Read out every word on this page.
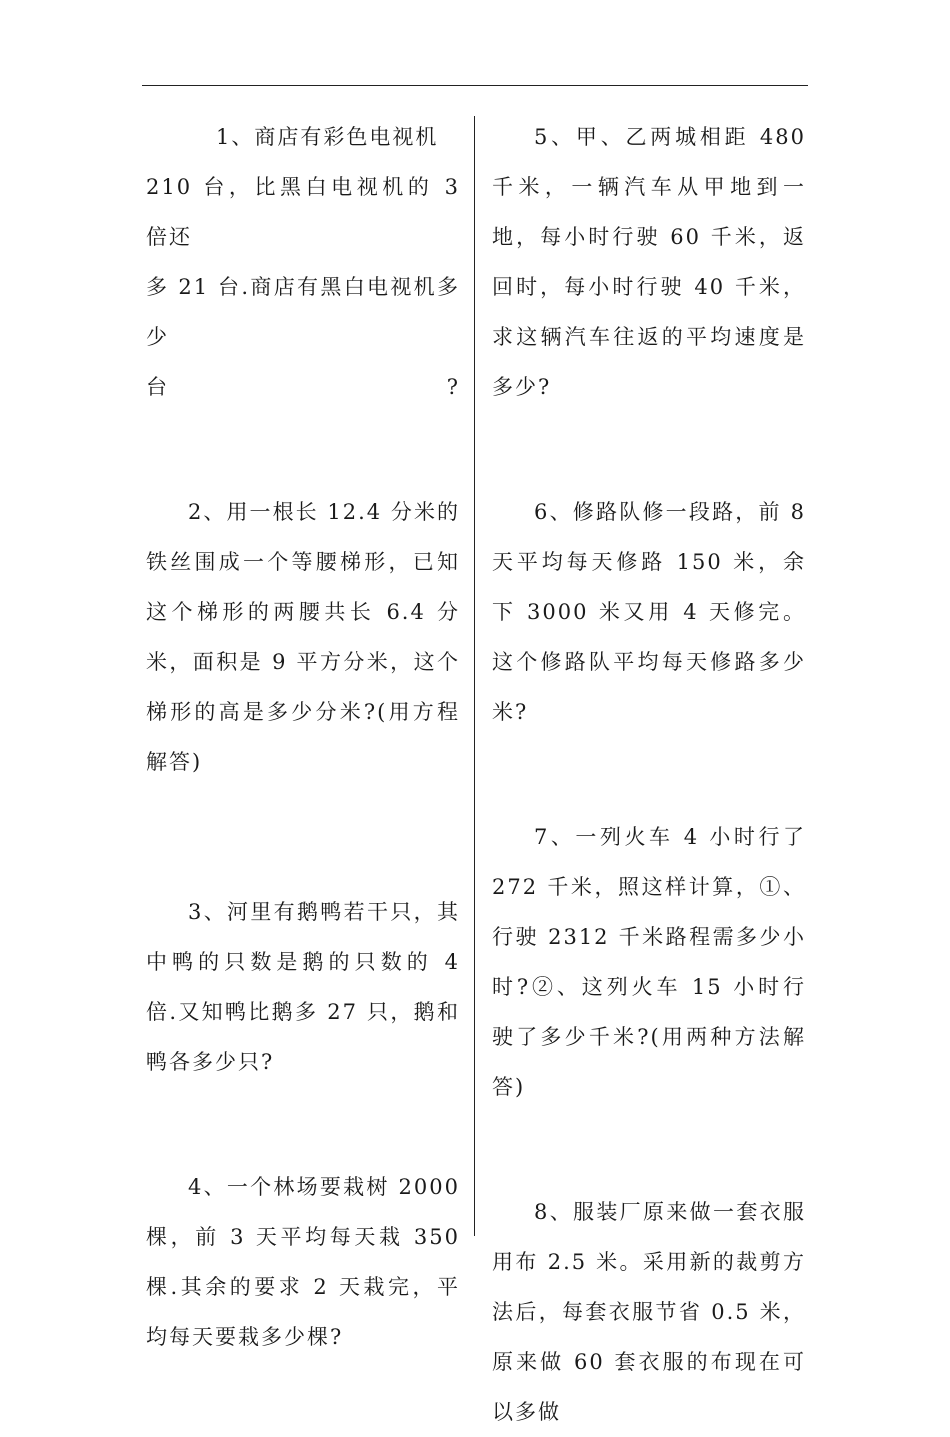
1、商店有彩色电视机
210 台，比黑白电视机的 3 倍还
多 21 台.商店有黑白电视机多少
台	?

2、用一根长 12.4 分米的铁丝围成一个等腰梯形，已知这个梯形的两腰共长 6.4 分米，面积是 9 平方分米，这个梯形的高是多少分米?(用方程解答)

3、河里有鹅鸭若干只，其中鸭的只数是鹅的只数的 4 倍.又知鸭比鹅多 27 只，鹅和鸭各多少只?

4、一个林场要栽树 2000 棵，前 3 天平均每天栽 350 棵.其余的要求 2 天栽完，平均每天要栽多少棵?

5、甲、乙两城相距 480 千米，一辆汽车从甲地到一地，每小时行驶 60 千米，返回时，每小时行驶 40 千米，求这辆汽车往返的平均速度是多少?

6、修路队修一段路，前 8 天平均每天修路 150 米，余下 3000 米又用 4 天修完。这个修路队平均每天修路多少米?

7、一列火车 4 小时行了 272 千米，照这样计算，①、行驶 2312 千米路程需多少小时?②、这列火车 15 小时行驶了多少千米?(用两种方法解答)

8、服装厂原来做一套衣服用布 2.5 米。采用新的裁剪方法后，每套衣服节省 0.5 米，原来做 60 套衣服的布现在可以多做
